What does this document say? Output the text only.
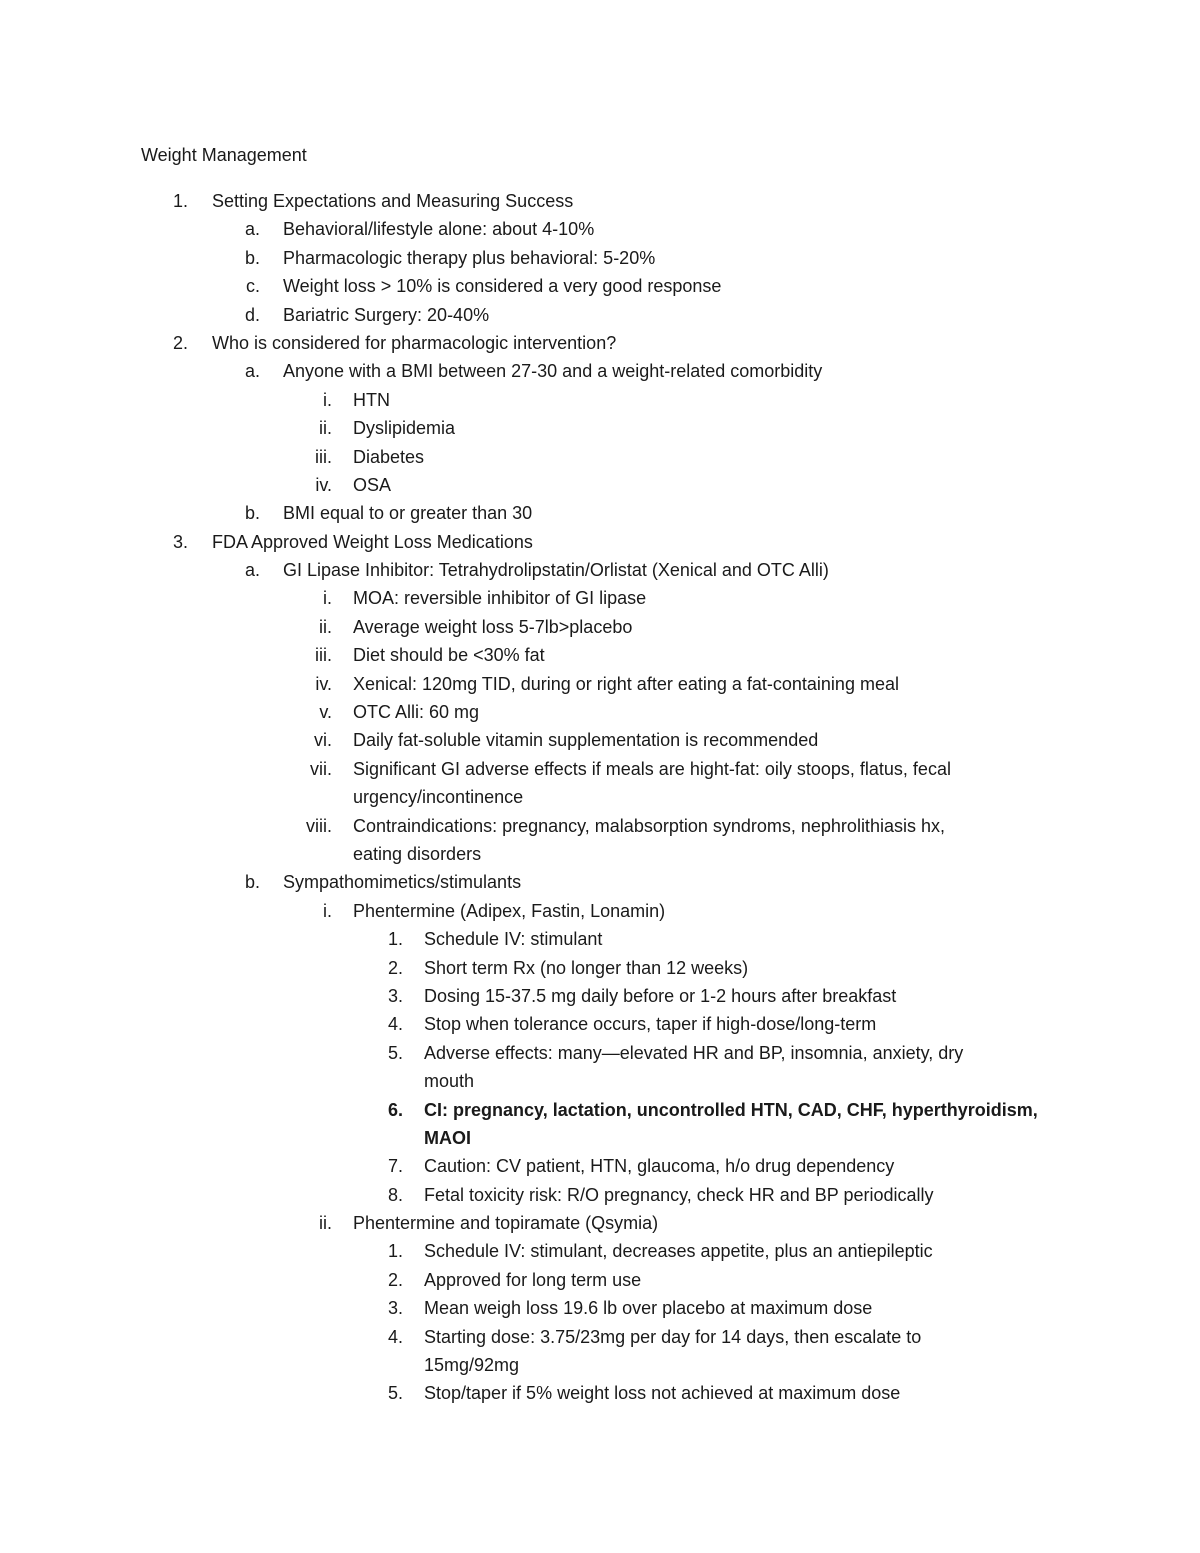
Weight Management
1. Setting Expectations and Measuring Success
a. Behavioral/lifestyle alone: about 4-10%
b. Pharmacologic therapy plus behavioral: 5-20%
c. Weight loss > 10% is considered a very good response
d. Bariatric Surgery: 20-40%
2. Who is considered for pharmacologic intervention?
a. Anyone with a BMI between 27-30 and a weight-related comorbidity
i. HTN
ii. Dyslipidemia
iii. Diabetes
iv. OSA
b. BMI equal to or greater than 30
3. FDA Approved Weight Loss Medications
a. GI Lipase Inhibitor: Tetrahydrolipstatin/Orlistat (Xenical and OTC Alli)
i. MOA: reversible inhibitor of GI lipase
ii. Average weight loss 5-7lb>placebo
iii. Diet should be <30% fat
iv. Xenical: 120mg TID, during or right after eating a fat-containing meal
v. OTC Alli: 60 mg
vi. Daily fat-soluble vitamin supplementation is recommended
vii. Significant GI adverse effects if meals are hight-fat: oily stoops, flatus, fecal
urgency/incontinence
viii. Contraindications: pregnancy, malabsorption syndroms, nephrolithiasis hx,
eating disorders
b. Sympathomimetics/stimulants
i. Phentermine (Adipex, Fastin, Lonamin)
1. Schedule IV: stimulant
2. Short term Rx (no longer than 12 weeks)
3. Dosing 15-37.5 mg daily before or 1-2 hours after breakfast
4. Stop when tolerance occurs, taper if high-dose/long-term
5. Adverse effects: many—elevated HR and BP, insomnia, anxiety, dry
mouth
6. CI: pregnancy, lactation, uncontrolled HTN, CAD, CHF, hyperthyroidism,
MAOI
7. Caution: CV patient, HTN, glaucoma, h/o drug dependency
8. Fetal toxicity risk: R/O pregnancy, check HR and BP periodically
ii. Phentermine and topiramate (Qsymia)
1. Schedule IV: stimulant, decreases appetite, plus an antiepileptic
2. Approved for long term use
3. Mean weigh loss 19.6 lb over placebo at maximum dose
4. Starting dose: 3.75/23mg per day for 14 days, then escalate to
15mg/92mg
5. Stop/taper if 5% weight loss not achieved at maximum dose
